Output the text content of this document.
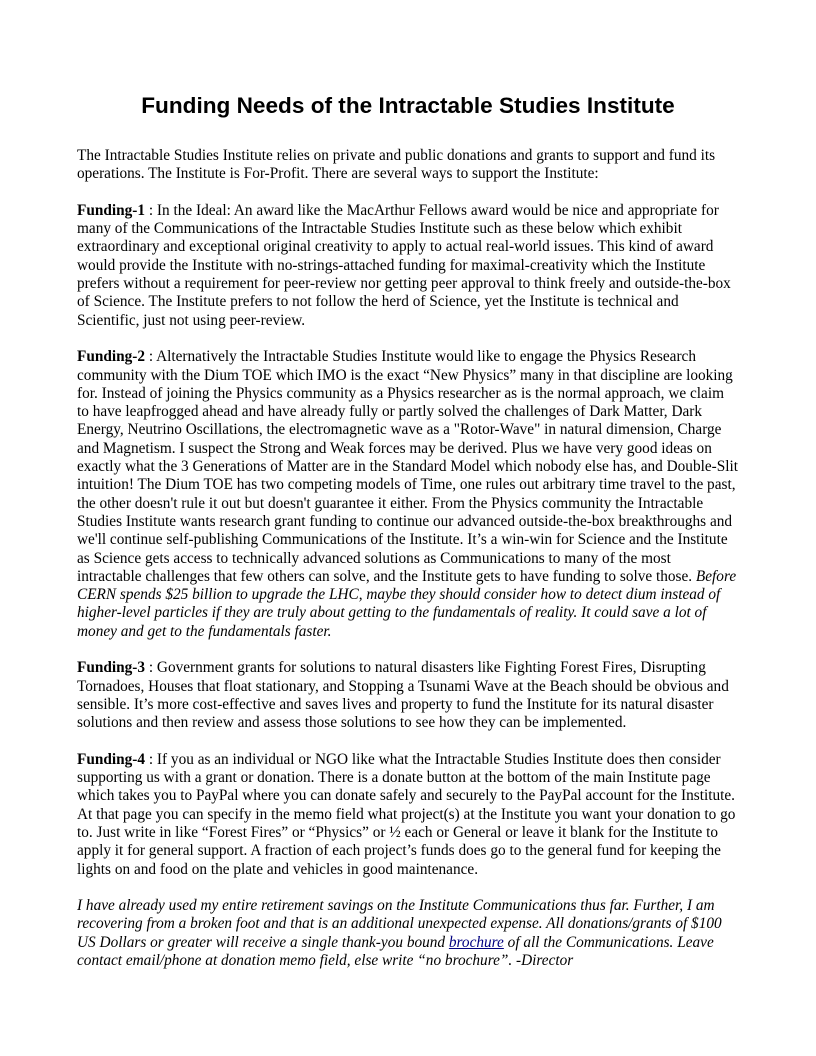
Funding Needs of the Intractable Studies Institute

The Intractable Studies Institute relies on private and public donations and grants to support and fund its operations. The Institute is For-Profit. There are several ways to support the Institute:

Funding-1 : In the Ideal: An award like the MacArthur Fellows award would be nice and appropriate for many of the Communications of the Intractable Studies Institute such as these below which exhibit extraordinary and exceptional original creativity to apply to actual real-world issues. This kind of award would provide the Institute with no-strings-attached funding for maximal-creativity which the Institute prefers without a requirement for peer-review nor getting peer approval to think freely and outside-the-box of Science. The Institute prefers to not follow the herd of Science, yet the Institute is technical and Scientific, just not using peer-review.

Funding-2 : Alternatively the Intractable Studies Institute would like to engage the Physics Research community with the Dium TOE which IMO is the exact “New Physics” many in that discipline are looking for. Instead of joining the Physics community as a Physics researcher as is the normal approach, we claim to have leapfrogged ahead and have already fully or partly solved the challenges of Dark Matter, Dark Energy, Neutrino Oscillations, the electromagnetic wave as a "Rotor-Wave" in natural dimension, Charge and Magnetism. I suspect the Strong and Weak forces may be derived. Plus we have very good ideas on exactly what the 3 Generations of Matter are in the Standard Model which nobody else has, and Double-Slit intuition! The Dium TOE has two competing models of Time, one rules out arbitrary time travel to the past, the other doesn't rule it out but doesn't guarantee it either. From the Physics community the Intractable Studies Institute wants research grant funding to continue our advanced outside-the-box breakthroughs and we'll continue self-publishing Communications of the Institute. It’s a win-win for Science and the Institute as Science gets access to technically advanced solutions as Communications to many of the most intractable challenges that few others can solve, and the Institute gets to have funding to solve those. Before CERN spends $25 billion to upgrade the LHC, maybe they should consider how to detect dium instead of higher-level particles if they are truly about getting to the fundamentals of reality. It could save a lot of money and get to the fundamentals faster.

Funding-3 : Government grants for solutions to natural disasters like Fighting Forest Fires, Disrupting Tornadoes, Houses that float stationary, and Stopping a Tsunami Wave at the Beach should be obvious and sensible. It’s more cost-effective and saves lives and property to fund the Institute for its natural disaster solutions and then review and assess those solutions to see how they can be implemented.

Funding-4 : If you as an individual or NGO like what the Intractable Studies Institute does then consider supporting us with a grant or donation. There is a donate button at the bottom of the main Institute page which takes you to PayPal where you can donate safely and securely to the PayPal account for the Institute. At that page you can specify in the memo field what project(s) at the Institute you want your donation to go to. Just write in like “Forest Fires” or “Physics” or ½ each or General or leave it blank for the Institute to apply it for general support. A fraction of each project’s funds does go to the general fund for keeping the lights on and food on the plate and vehicles in good maintenance.

I have already used my entire retirement savings on the Institute Communications thus far. Further, I am recovering from a broken foot and that is an additional unexpected expense. All donations/grants of $100 US Dollars or greater will receive a single thank-you bound brochure of all the Communications. Leave contact email/phone at donation memo field, else write “no brochure”. -Director
